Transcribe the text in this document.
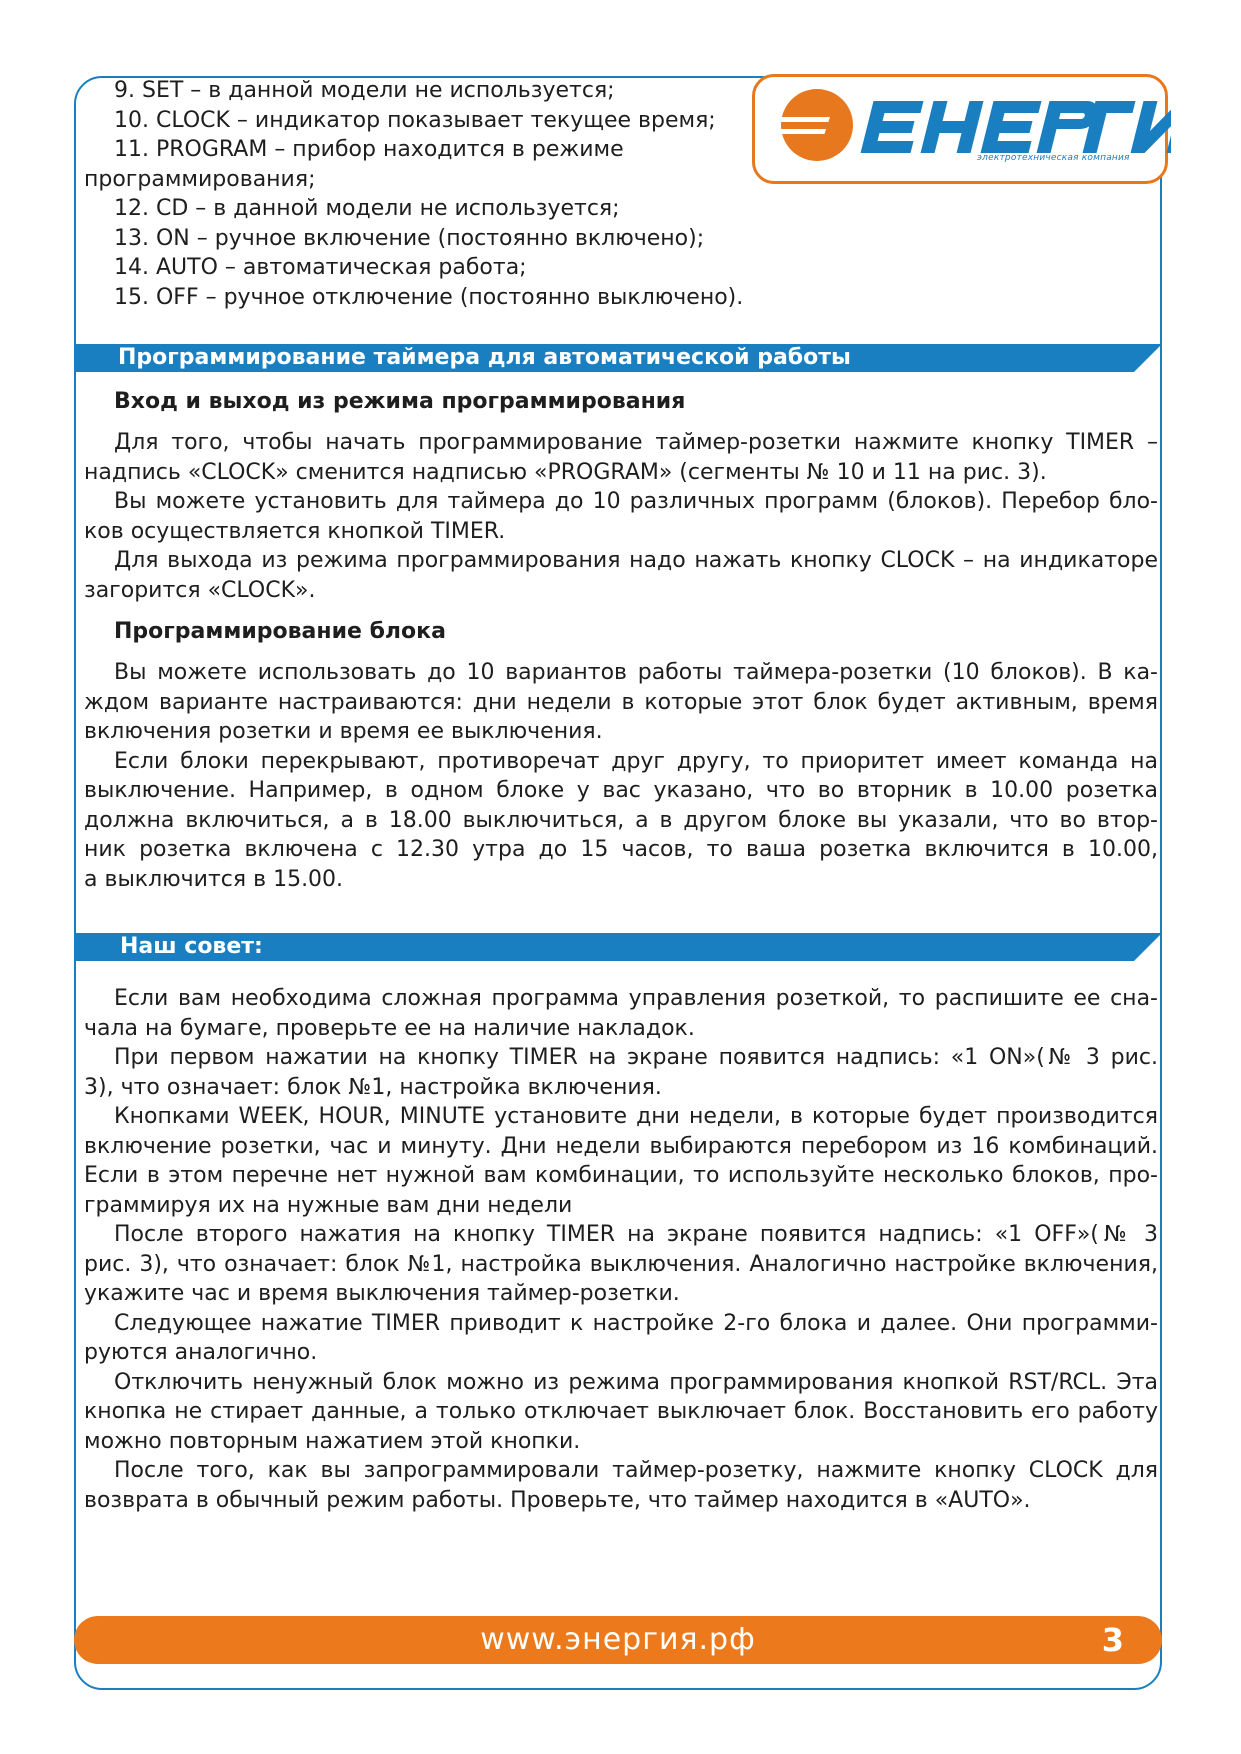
электротехническая компания

9. SET – в данной модели не используется;

10. CLOCK – индикатор показывает текущее время;

11. PROGRAM – прибор находится в режиме

программирования;

12. CD – в данной модели не используется;

13. ON – ручное включение (постоянно включено);

14. AUTO – автоматическая работа;

15. OFF – ручное отключение (постоянно выключено).

Программирование таймера для автоматической работы
Вход и выход из режима программирования

Для того, чтобы начать программирование таймер-розетки нажмите кнопку TIMER –

надпись «CLOCK» сменится надписью «PROGRAM» (сегменты № 10 и 11 на рис. 3).

Вы можете установить для таймера до 10 различных программ (блоков). Перебор бло-

ков осуществляется кнопкой TIMER.

Для выхода из режима программирования надо нажать кнопку CLOCK – на индикаторе

загорится «CLOCK».

Программирование блока

Вы можете использовать до 10 вариантов работы таймера-розетки (10 блоков). В ка-

ждом варианте настраиваются: дни недели в которые этот блок будет активным, время

включения розетки и время ее выключения.

Если блоки перекрывают, противоречат друг другу, то приоритет имеет команда на

выключение. Например, в одном блоке у вас указано, что во вторник в 10.00 розетка

должна включиться, а в 18.00 выключиться, а в другом блоке вы указали, что во втор-

ник розетка включена с 12.30 утра до 15 часов, то ваша розетка включится в 10.00,

а выключится в 15.00.

Наш совет:

Если вам необходима сложная программа управления розеткой, то распишите ее сна-

чала на бумаге, проверьте ее на наличие накладок.

При первом нажатии на кнопку TIMER на экране появится надпись: «1 ON»(№ 3 рис.

3), что означает: блок №1, настройка включения.

Кнопками WEEK, HOUR, MINUTE установите дни недели, в которые будет производится

включение розетки, час и минуту. Дни недели выбираются перебором из 16 комбинаций.

Если в этом перечне нет нужной вам комбинации, то используйте несколько блоков, про-

граммируя их на нужные вам дни недели

После второго нажатия на кнопку TIMER на экране появится надпись: «1 OFF»(№ 3

рис. 3), что означает: блок №1, настройка выключения. Аналогично настройке включения,

укажите час и время выключения таймер-розетки.

Следующее нажатие TIMER приводит к настройке 2-го блока и далее. Они программи-

руются аналогично.

Отключить ненужный блок можно из режима программирования кнопкой RST/RCL. Эта

кнопка не стирает данные, а только отключает выключает блок. Восстановить его работу

можно повторным нажатием этой кнопки.

После того, как вы запрограммировали таймер-розетку, нажмите кнопку CLOCK для

возврата в обычный режим работы. Проверьте, что таймер находится в «AUTO».

www.энергия.рф	3
